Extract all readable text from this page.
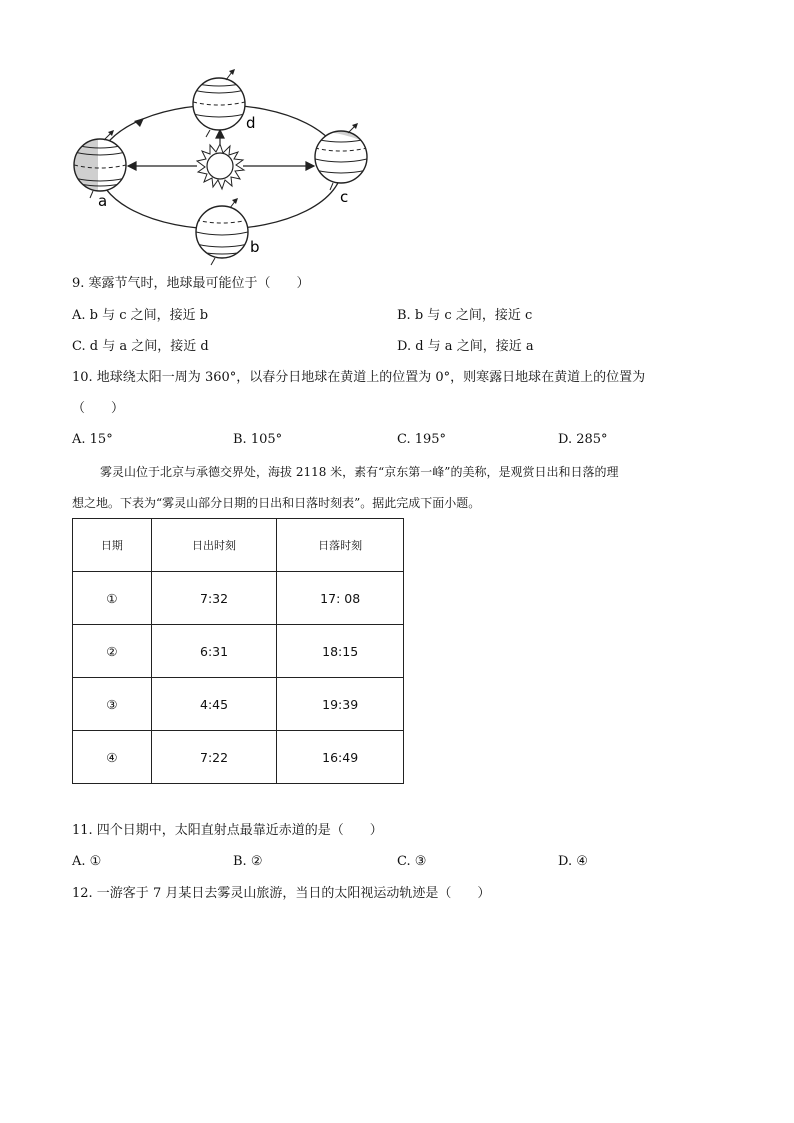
a
b
c
d
9. 寒露节气时，地球最可能位于（　　）
A. b 与 c 之间，接近 b	B. b 与 c 之间，接近 c
C. d 与 a 之间，接近 d	D. d 与 a 之间，接近 a
10. 地球绕太阳一周为 360°，以春分日地球在黄道上的位置为 0°，则寒露日地球在黄道上的位置为
（　　）
A. 15°	B. 105°	C. 195°	D. 285°
雾灵山位于北京与承德交界处，海拔 2118 米，素有“京东第一峰”的美称，是观赏日出和日落的理
想之地。下表为“雾灵山部分日期的日出和日落时刻表”。据此完成下面小题。
日期	日出时刻	日落时刻
①	7:32	17: 08
②	6:31	18:15
③	4:45	19:39
④	7:22	16:49
11. 四个日期中，太阳直射点最靠近赤道的是（　　）
A. ①	B. ②	C. ③	D. ④
12. 一游客于 7 月某日去雾灵山旅游，当日的太阳视运动轨迹是（　　）
